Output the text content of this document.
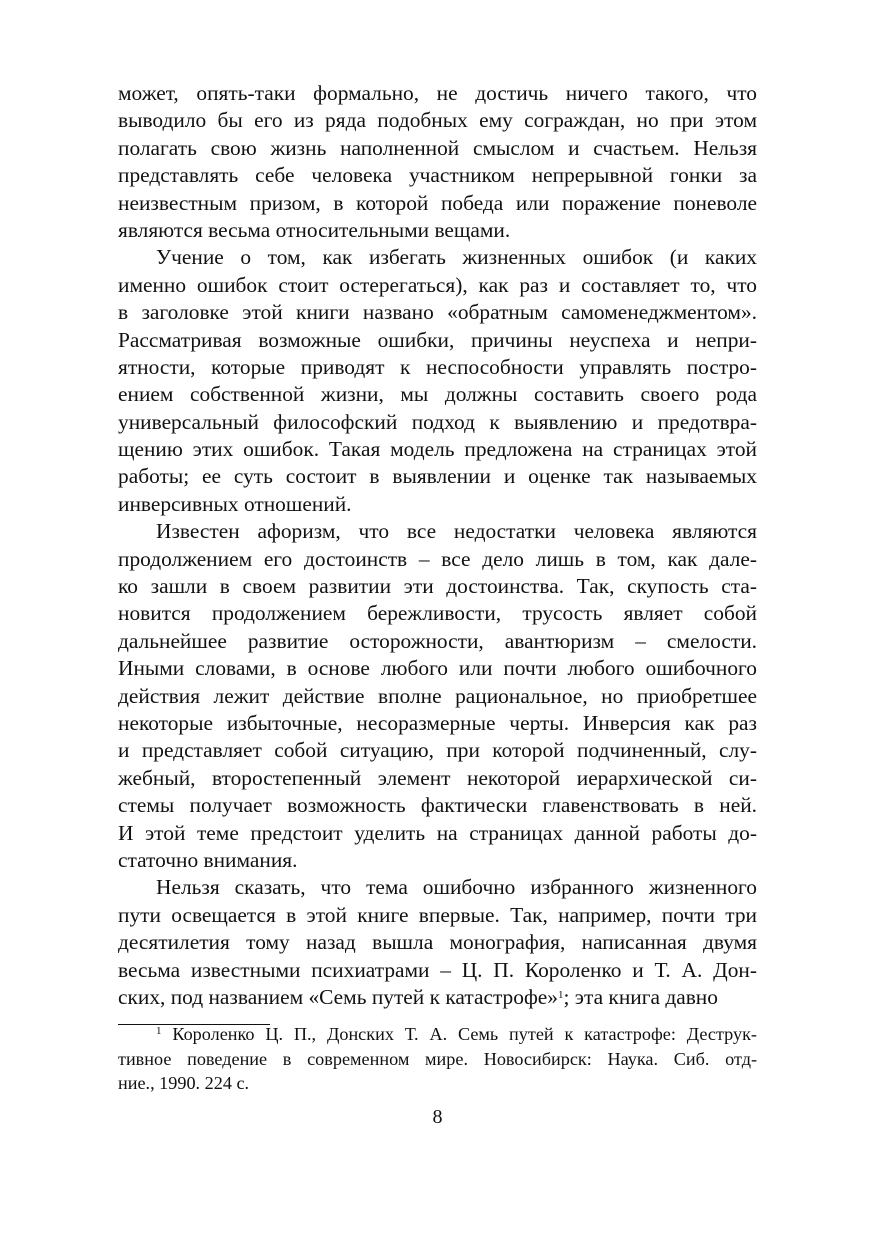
может, опять-таки формально, не достичь ничего такого, что
выводило бы его из ряда подобных ему сограждан, но при этом
полагать свою жизнь наполненной смыслом и счастьем. Нельзя
представлять себе человека участником непрерывной гонки за
неизвестным призом, в которой победа или поражение поневоле
являются весьма относительными вещами.
Учение о том, как избегать жизненных ошибок (и каких
именно ошибок стоит остерегаться), как раз и составляет то, что
в заголовке этой книги названо «обратным самоменеджментом».
Рассматривая возможные ошибки, причины неуспеха и непри-
ятности, которые приводят к неспособности управлять постро-
ением собственной жизни, мы должны составить своего рода
универсальный философский подход к выявлению и предотвра-
щению этих ошибок. Такая модель предложена на страницах этой
работы; ее суть состоит в выявлении и оценке так называемых
инверсивных отношений.
Известен афоризм, что все недостатки человека являются
продолжением его достоинств – все дело лишь в том, как дале-
ко зашли в своем развитии эти достоинства. Так, скупость ста-
новится продолжением бережливости, трусость являет собой
дальнейшее развитие осторожности, авантюризм – смелости.
Иными словами, в основе любого или почти любого ошибочного
действия лежит действие вполне рациональное, но приобретшее
некоторые избыточные, несоразмерные черты. Инверсия как раз
и представляет собой ситуацию, при которой подчиненный, слу-
жебный, второстепенный элемент некоторой иерархической си-
стемы получает возможность фактически главенствовать в ней.
И этой теме предстоит уделить на страницах данной работы до-
статочно внимания.
Нельзя сказать, что тема ошибочно избранного жизненного
пути освещается в этой книге впервые. Так, например, почти три
десятилетия тому назад вышла монография, написанная двумя
весьма известными психиатрами – Ц. П. Короленко и Т. А. Дон-
ских, под названием «Семь путей к катастрофе»$^1$; эта книга давно
$^1$ Короленко Ц. П., Донских Т. А. Семь путей к катастрофе: Деструк-
тивное поведение в современном мире. Новосибирск: Наука. Сиб. отд-
ние., 1990. 224 с.
8
